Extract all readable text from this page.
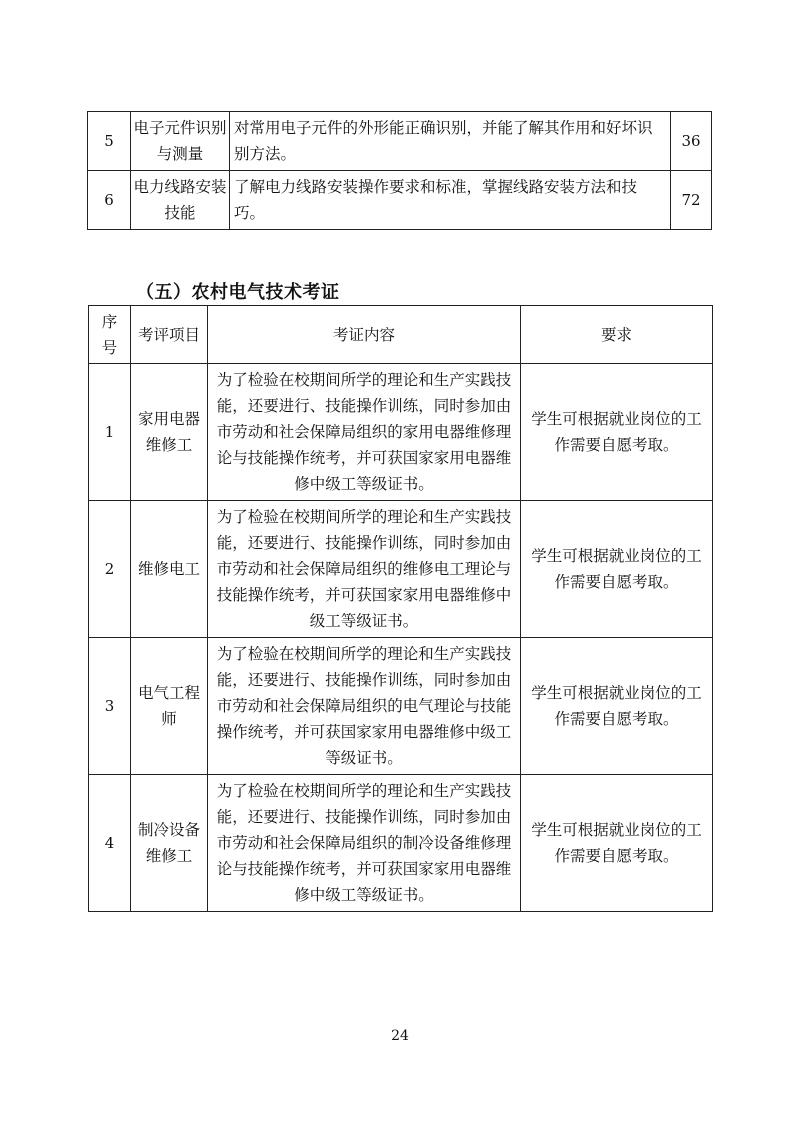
5	电子元件识别与测量	对常用电子元件的外形能正确识别，并能了解其作用和好坏识别方法。	36
6	电力线路安装技能	了解电力线路安装操作要求和标准，掌握线路安装方法和技巧。	72
（五）农村电气技术考证
序号	考评项目	考证内容	要求
1	家用电器维修工	为了检验在校期间所学的理论和生产实践技能，还要进行、技能操作训练，同时参加由市劳动和社会保障局组织的家用电器维修理论与技能操作统考，并可获国家家用电器维修中级工等级证书。	学生可根据就业岗位的工作需要自愿考取。
2	维修电工	为了检验在校期间所学的理论和生产实践技能，还要进行、技能操作训练，同时参加由市劳动和社会保障局组织的维修电工理论与技能操作统考，并可获国家家用电器维修中级工等级证书。	学生可根据就业岗位的工作需要自愿考取。
3	电气工程师	为了检验在校期间所学的理论和生产实践技能，还要进行、技能操作训练，同时参加由市劳动和社会保障局组织的电气理论与技能操作统考，并可获国家家用电器维修中级工等级证书。	学生可根据就业岗位的工作需要自愿考取。
4	制冷设备维修工	为了检验在校期间所学的理论和生产实践技能，还要进行、技能操作训练，同时参加由市劳动和社会保障局组织的制冷设备维修理论与技能操作统考，并可获国家家用电器维修中级工等级证书。	学生可根据就业岗位的工作需要自愿考取。
24
